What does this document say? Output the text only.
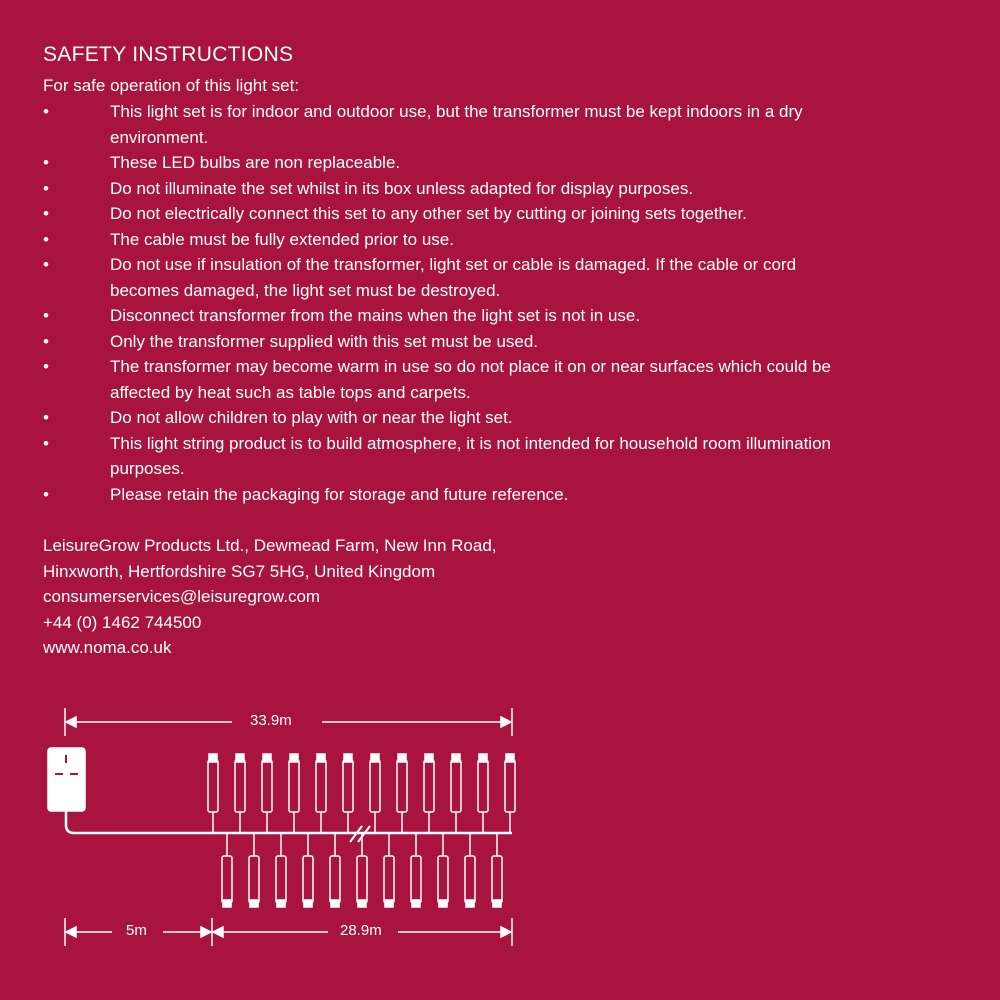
SAFETY INSTRUCTIONS
For safe operation of this light set:
•	This light set is for indoor and outdoor use, but the transformer must be kept indoors in a dry environment.
•	These LED bulbs are non replaceable.
•	Do not illuminate the set whilst in its box unless adapted for display purposes.
•	Do not electrically connect this set to any other set by cutting or joining sets together.
•	The cable must be fully extended prior to use.
•	Do not use if insulation of the transformer, light set or cable is damaged. If the cable or cord becomes damaged, the light set must be destroyed.
•	Disconnect transformer from the mains when the light set is not in use.
•	Only the transformer supplied with this set must be used.
•	The transformer may become warm in use so do not place it on or near surfaces which could be affected by heat such as table tops and carpets.
•	Do not allow children to play with or near the light set.
•	This light string product is to build atmosphere, it is not intended for household room illumination purposes.
•	Please retain the packaging for storage and future reference.
LeisureGrow Products Ltd., Dewmead Farm, New Inn Road,
Hinxworth, Hertfordshire SG7 5HG, United Kingdom
consumerservices@leisuregrow.com
+44 (0) 1462 744500
www.noma.co.uk
33.9m
5m	28.9m
